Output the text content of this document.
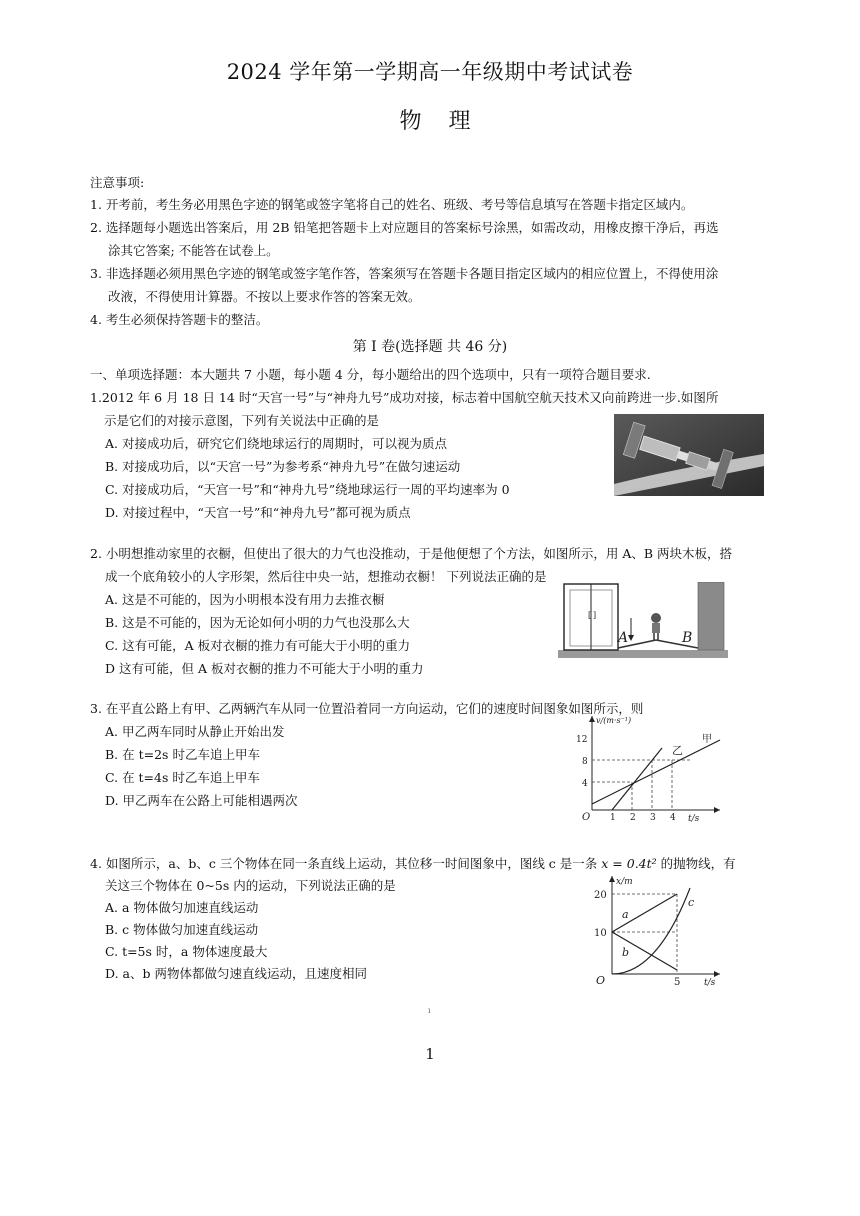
2024 学年第一学期高一年级期中考试试卷
物 理
注意事项:
1. 开考前，考生务必用黑色字迹的钢笔或签字笔将自己的姓名、班级、考号等信息填写在答题卡指定区域内。
2. 选择题每小题选出答案后，用 2B 铅笔把答题卡上对应题目的答案标号涂黑，如需改动，用橡皮擦干净后，再选
涂其它答案; 不能答在试卷上。
3. 非选择题必须用黑色字迹的钢笔或签字笔作答，答案须写在答题卡各题目指定区域内的相应位置上，不得使用涂
改液，不得使用计算器。不按以上要求作答的答案无效。
4. 考生必须保持答题卡的整洁。
第 I 卷(选择题 共 46 分)
一、单项选择题：本大题共 7 小题，每小题 4 分，每小题给出的四个选项中，只有一项符合题目要求.
1.2012 年 6 月 18 日 14 时“天宫一号”与“神舟九号”成功对接，标志着中国航空航天技术又向前跨进一步.如图所
示是它们的对接示意图，下列有关说法中正确的是
A. 对接成功后，研究它们绕地球运行的周期时，可以视为质点
B. 对接成功后，以“天宫一号”为参考系“神舟九号”在做匀速运动
C. 对接成功后，“天宫一号”和“神舟九号”绕地球运行一周的平均速率为 0
D. 对接过程中，“天宫一号”和“神舟九号”都可视为质点
2. 小明想推动家里的衣橱，但使出了很大的力气也没推动，于是他便想了个方法，如图所示，用 A、B 两块木板，搭
成一个底角较小的人字形架，然后往中央一站，想推动衣橱！ 下列说法正确的是
A. 这是不可能的，因为小明根本没有用力去推衣橱
B. 这是不可能的，因为无论如何小明的力气也没那么大
C. 这有可能，A 板对衣橱的推力有可能大于小明的重力
D 这有可能，但 A 板对衣橱的推力不可能大于小明的重力
[ ]
A	B
3. 在平直公路上有甲、乙两辆汽车从同一位置沿着同一方向运动，它们的速度时间图象如图所示，则
A. 甲乙两车同时从静止开始出发
B. 在 t=2s 时乙车追上甲车
C. 在 t=4s 时乙车追上甲车
D. 甲乙两车在公路上可能相遇两次
v/(m·s⁻¹)
t/s
O
12
8
4
1 2 3 4
乙
甲
4. 如图所示，a、b、c 三个物体在同一条直线上运动，其位移一时间图象中，图线 c 是一条 x = 0.4t² 的抛物线，有
关这三个物体在 0~5s 内的运动，下列说法正确的是
A. a 物体做匀加速直线运动
B. c 物体做匀加速直线运动
C. t=5s 时，a 物体速度最大
D. a、b 两物体都做匀速直线运动，且速度相同
x/m
t/s
O
20
10
5
a
b
c
ı
1
